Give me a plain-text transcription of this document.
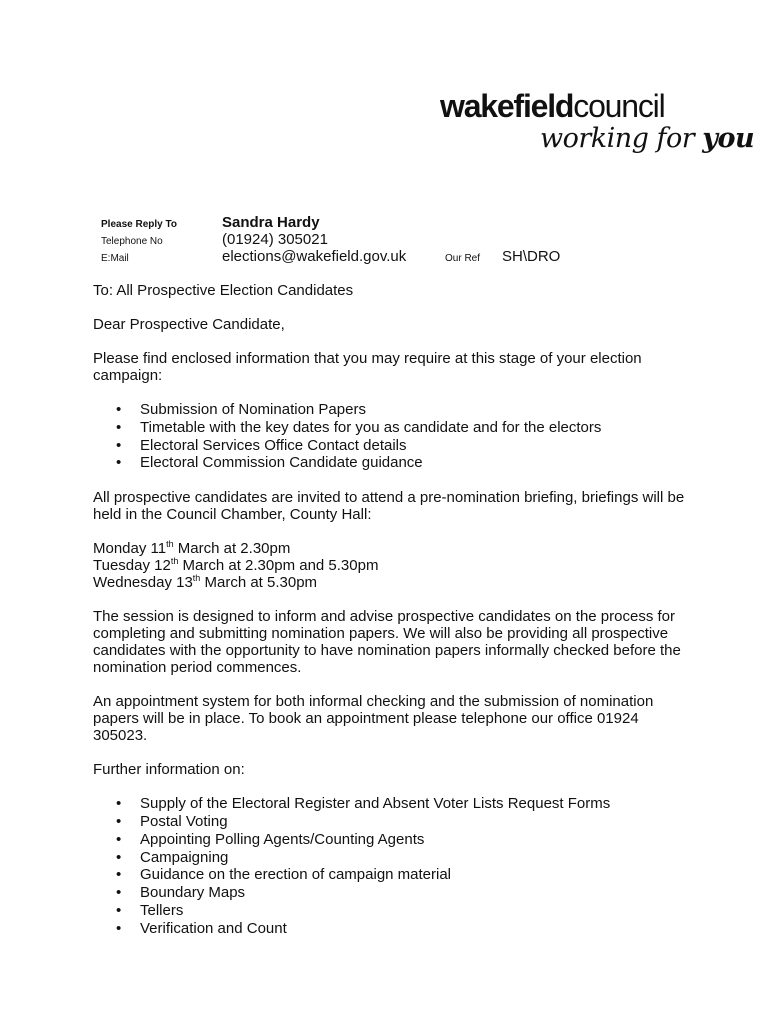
wakefieldcouncil
working for you
Please Reply To	Sandra Hardy
Telephone No	(01924) 305021
E:Mail	elections@wakefield.gov.uk	Our Ref SH\DRO

To: All Prospective Election Candidates

Dear Prospective Candidate,

Please find enclosed information that you may require at this stage of your election campaign:

• Submission of Nomination Papers
• Timetable with the key dates for you as candidate and for the electors
• Electoral Services Office Contact details
• Electoral Commission Candidate guidance

All prospective candidates are invited to attend a pre-nomination briefing, briefings will be held in the Council Chamber, County Hall:

Monday 11th March at 2.30pm

Tuesday 12th March at 2.30pm and 5.30pm

Wednesday 13th March at 5.30pm

The session is designed to inform and advise prospective candidates on the process for completing and submitting nomination papers. We will also be providing all prospective candidates with the opportunity to have nomination papers informally checked before the nomination period commences.

An appointment system for both informal checking and the submission of nomination papers will be in place. To book an appointment please telephone our office 01924 305023.

Further information on:

• Supply of the Electoral Register and Absent Voter Lists Request Forms
• Postal Voting
• Appointing Polling Agents/Counting Agents
• Campaigning
• Guidance on the erection of campaign material
• Boundary Maps
• Tellers
• Verification and Count
